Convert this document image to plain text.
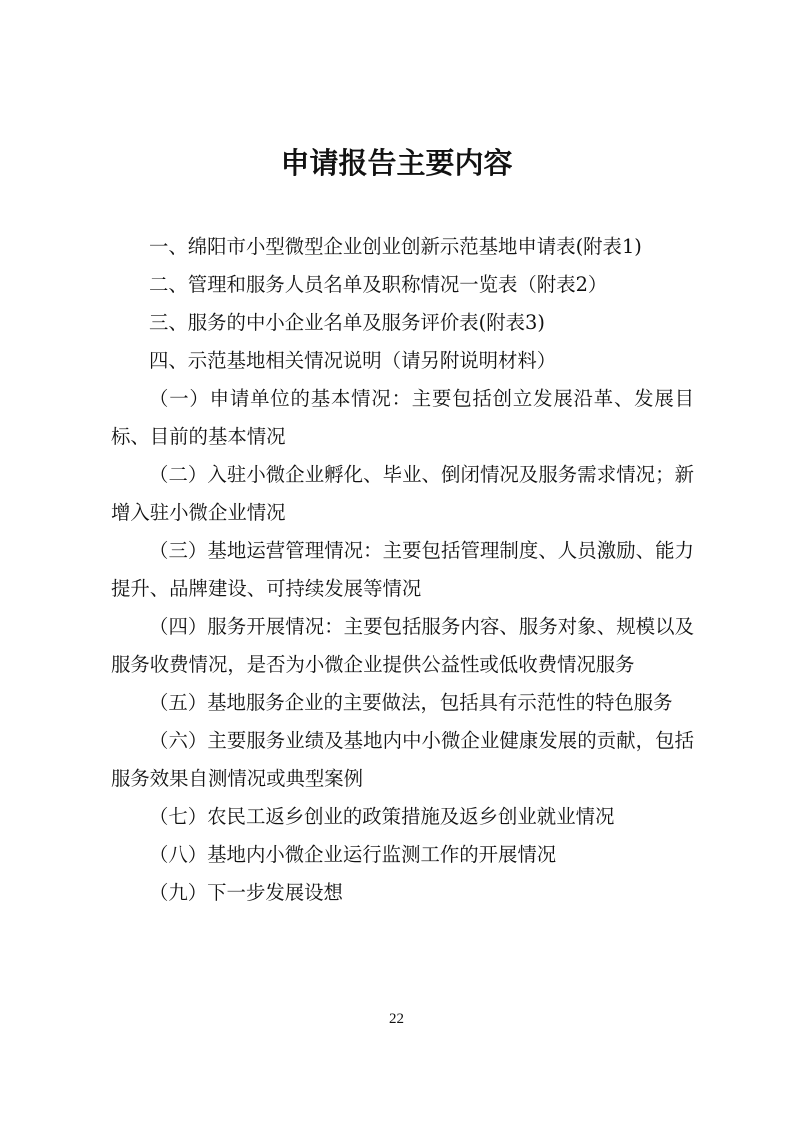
申请报告主要内容

一、绵阳市小型微型企业创业创新示范基地申请表(附表1)

二、管理和服务人员名单及职称情况一览表（附表2）

三、服务的中小企业名单及服务评价表(附表3)

四、示范基地相关情况说明（请另附说明材料）

（一）申请单位的基本情况：主要包括创立发展沿革、发展目标、目前的基本情况

（二）入驻小微企业孵化、毕业、倒闭情况及服务需求情况；新增入驻小微企业情况

（三）基地运营管理情况：主要包括管理制度、人员激励、能力提升、品牌建设、可持续发展等情况

（四）服务开展情况：主要包括服务内容、服务对象、规模以及服务收费情况，是否为小微企业提供公益性或低收费情况服务

（五）基地服务企业的主要做法，包括具有示范性的特色服务

（六）主要服务业绩及基地内中小微企业健康发展的贡献，包括服务效果自测情况或典型案例

（七）农民工返乡创业的政策措施及返乡创业就业情况

（八）基地内小微企业运行监测工作的开展情况

（九）下一步发展设想

22
